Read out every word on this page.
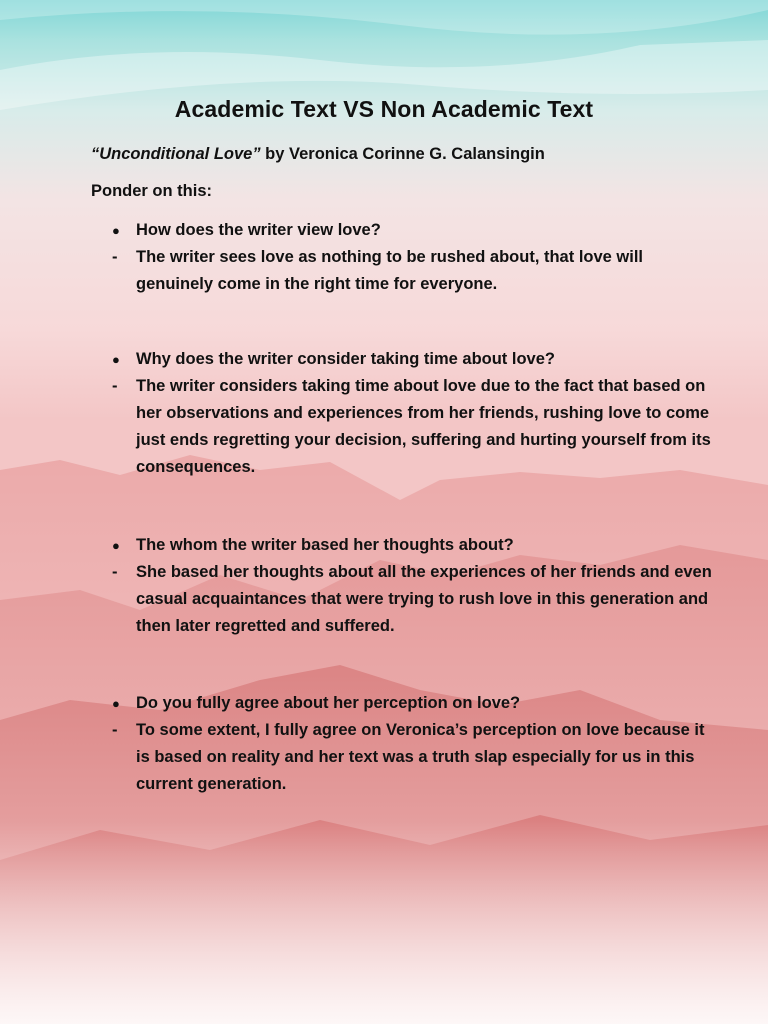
Academic Text VS Non Academic Text
“Unconditional Love” by Veronica Corinne G. Calansingin
Ponder on this:
● How does the writer view love?
- The writer sees love as nothing to be rushed about, that love will genuinely come in the right time for everyone.
● Why does the writer consider taking time about love?
- The writer considers taking time about love due to the fact that based on her observations and experiences from her friends, rushing love to come just ends regretting your decision, suffering and hurting yourself from its consequences.
● The whom the writer based her thoughts about?
- She based her thoughts about all the experiences of her friends and even casual acquaintances that were trying to rush love in this generation and then later regretted and suffered.
● Do you fully agree about her perception on love?
- To some extent, I fully agree on Veronica’s perception on love because it is based on reality and her text was a truth slap especially for us in this current generation.
